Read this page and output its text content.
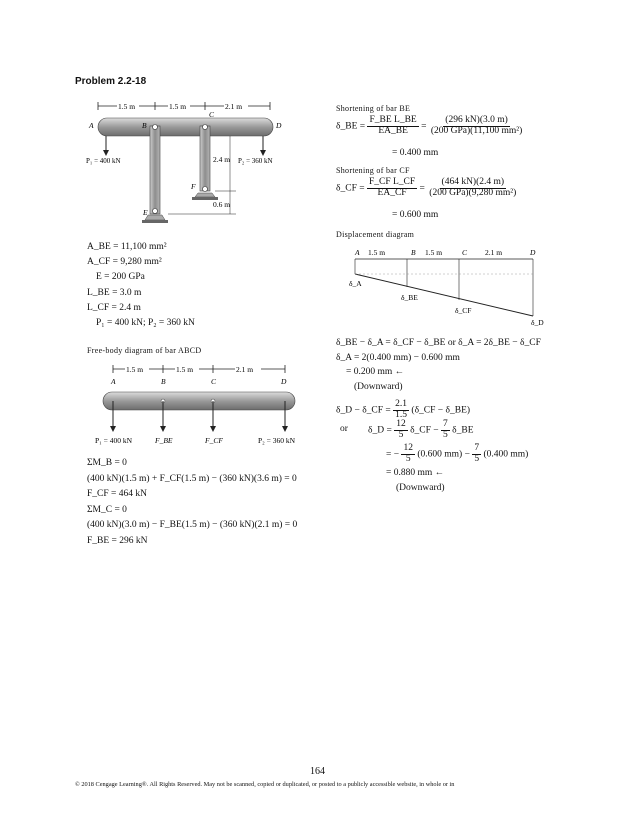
Problem 2.2-18
1.5 m	1.5 m	2.1 m
2.4 m
0.6 m
A	B
C
D
E
F
P₁ = 400 kN	P₂ = 360 kN
A_BE = 11,100 mm²
A_CF = 9,280 mm²
E = 200 GPa
L_BE = 3.0 m
L_CF = 2.4 m
P₁ = 400 kN; P₂ = 360 kN
Free-body diagram of bar ABCD
1.5 m	1.5 m	2.1 m
A	B	C	D
P₁ = 400 kN	F_BE	F_CF	P₂ = 360 kN
ΣM_B = 0
(400 kN)(1.5 m) + F_CF(1.5 m) − (360 kN)(3.6 m) = 0
F_CF = 464 kN
ΣM_C = 0
(400 kN)(3.0 m) − F_BE(1.5 m) − (360 kN)(2.1 m) = 0
F_BE = 296 kN
Shortening of bar BE
δ_BE = $\frac{\text{F\_BE L\_BE}}{EA\_BE} = \frac{(296 kN)(3.0 m)}{\text{(200 GPa)(11,100 mm²)}}$
= 0.400 mm
Shortening of bar CF
δ_CF = $\frac{\text{F\_CF L\_CF}}{EA\_CF} = \frac{(464 kN)(2.4 m)}{\text{(200 GPa)(9,280 mm²)}}$
= 0.600 mm
Displacement diagram
A 1.5 m	B 1.5 m	C 2.1 m	D
δ_A
δ_BE
δ_CF
δ_D
δ_BE − δ_A = δ_CF − δ_BE or δ_A = 2δ_BE − δ_CF
δ_A = 2(0.400 mm) − 0.600 mm
= 0.200 mm ←
(Downward)
δ_D − δ_CF = $\frac{2.1}{1.5}$ (δ_CF − δ_BE)
or δ_D = $\frac{12}{5}$ δ_CF − $\frac{7}{5}$ δ_BE
= − $\frac{12}{5} (0.600$ $mm) - \frac{7}{5} (0.400$ mm)
= 0.880 mm ←
(Downward)
164
© 2018 Cengage Learning®. All Rights Reserved. May not be scanned, copied or duplicated, or posted to a publicly accessible website, in whole or in
